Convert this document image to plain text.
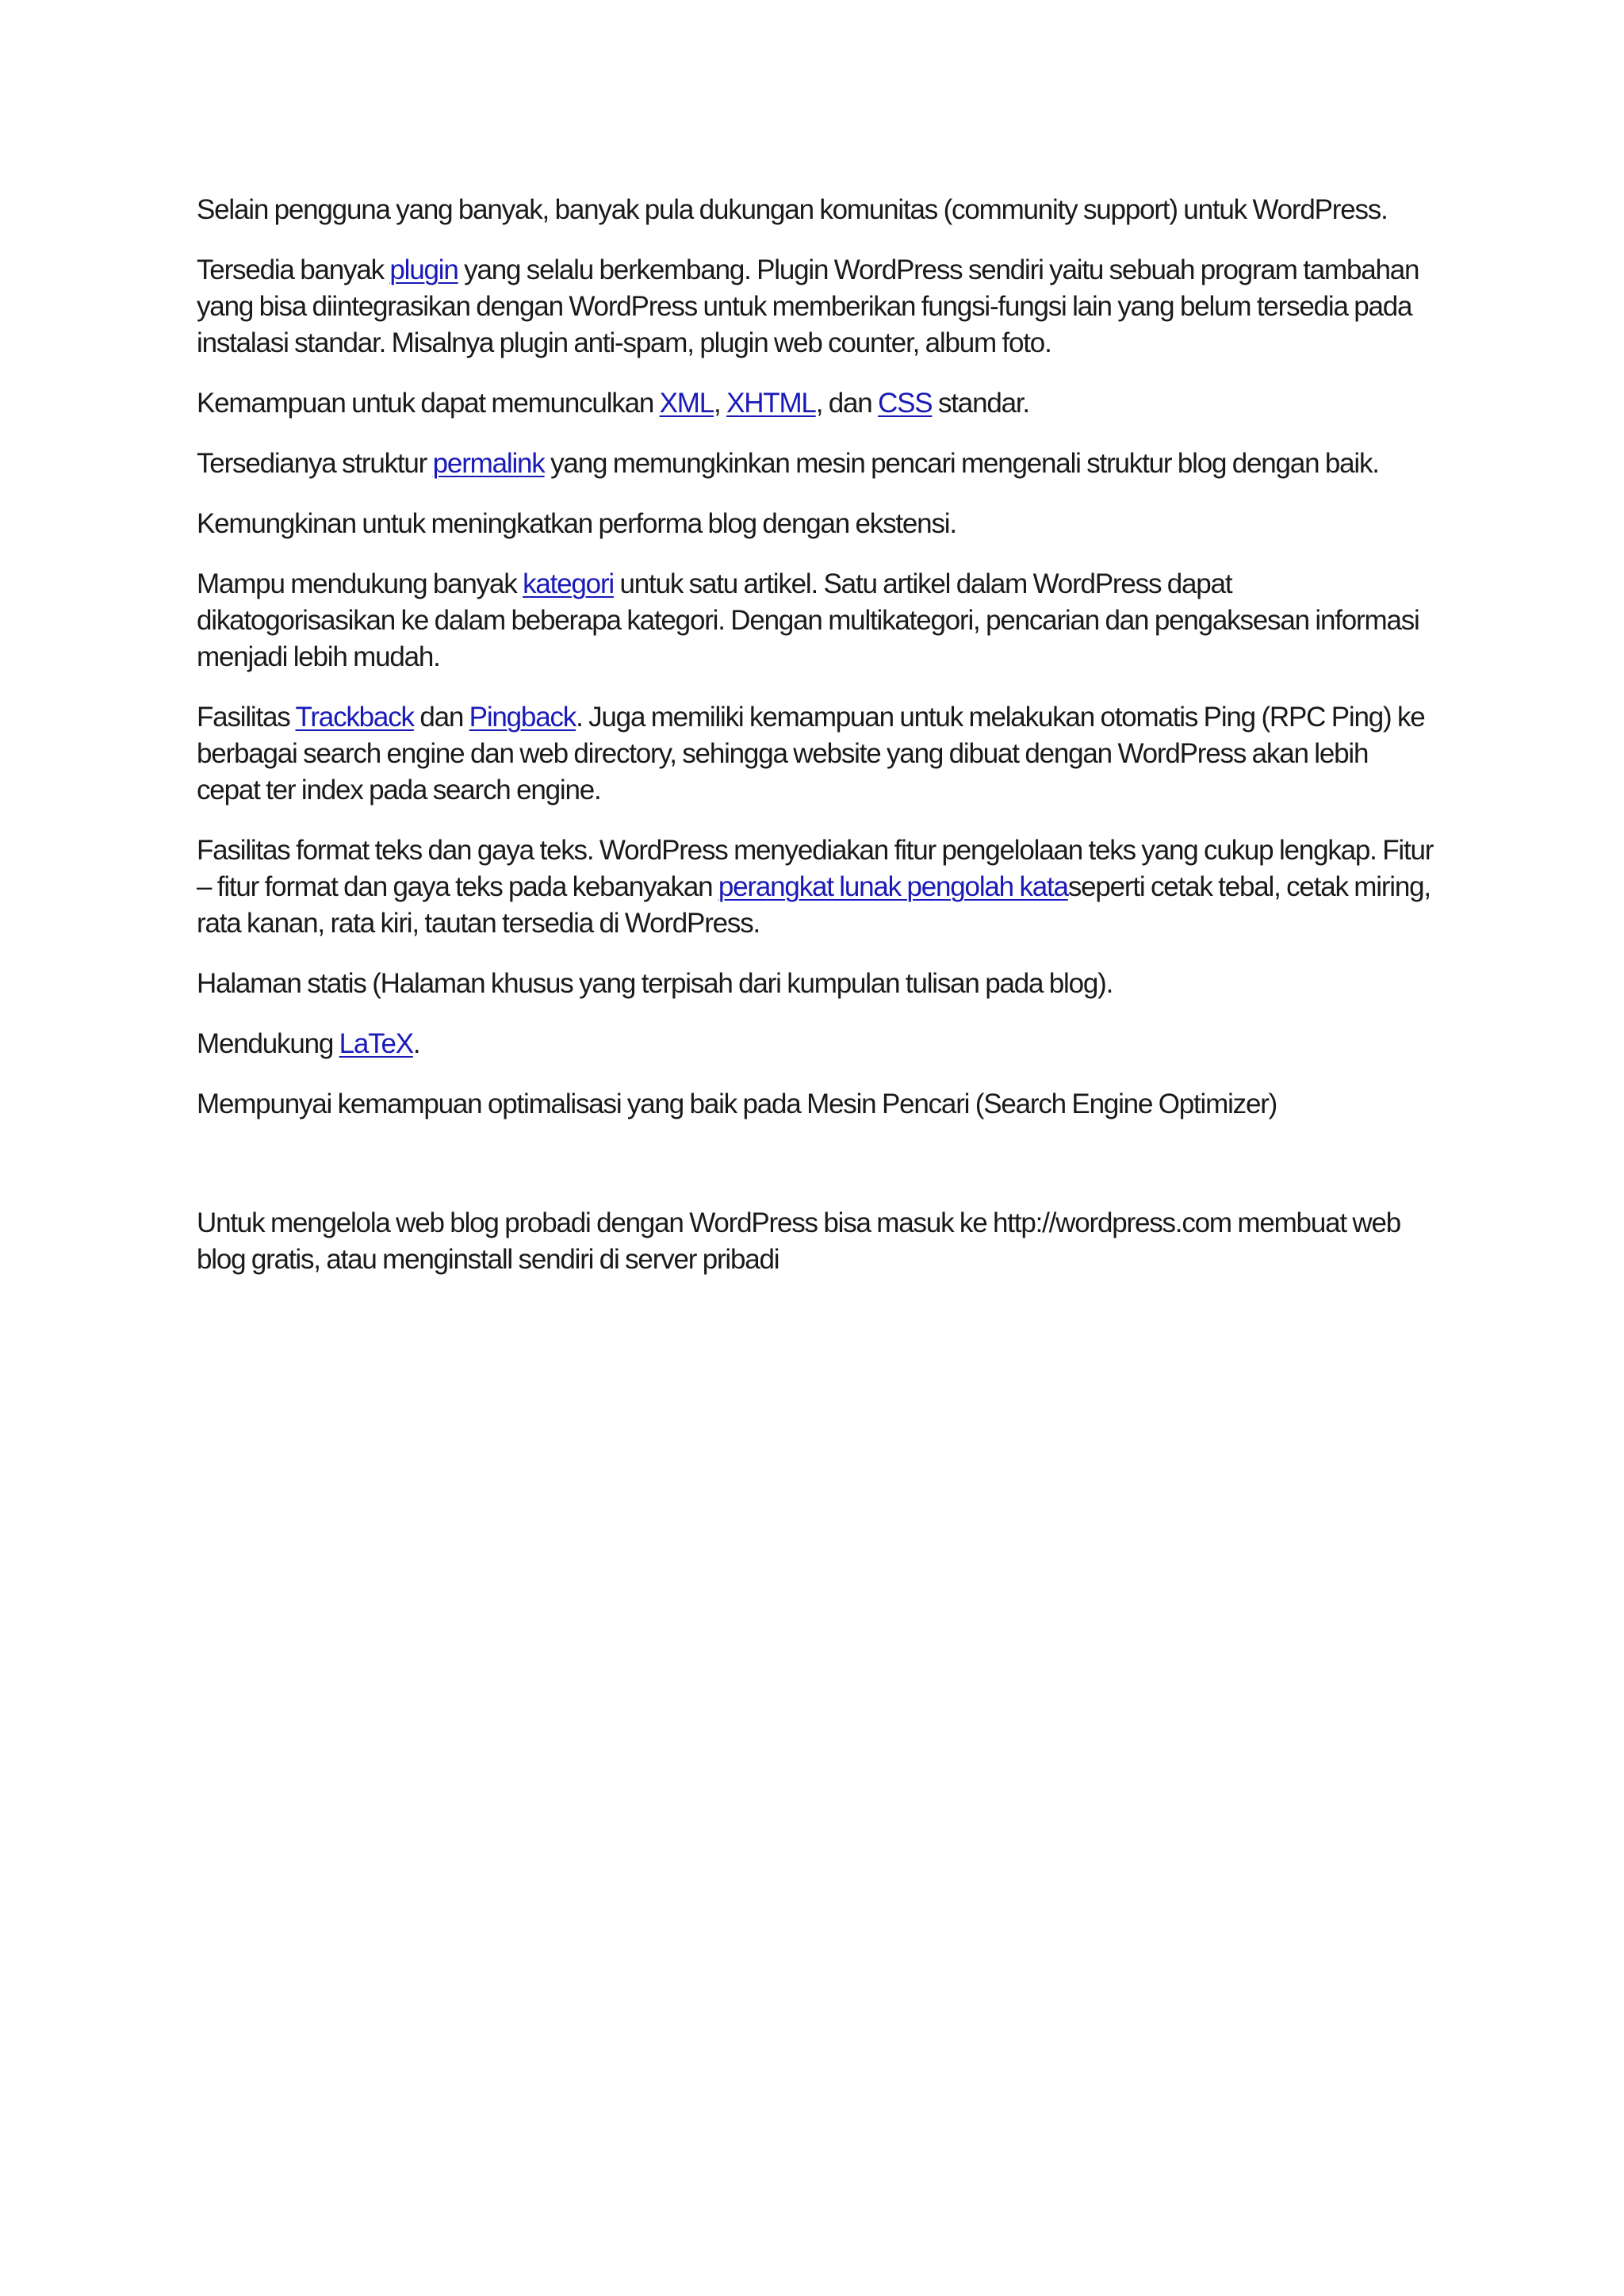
Selain pengguna yang banyak, banyak pula dukungan komunitas (community support) untuk WordPress.

Tersedia banyak plugin yang selalu berkembang. Plugin WordPress sendiri yaitu sebuah program tambahan yang bisa diintegrasikan dengan WordPress untuk memberikan fungsi-fungsi lain yang belum tersedia pada instalasi standar. Misalnya plugin anti-spam, plugin web counter, album foto.

Kemampuan untuk dapat memunculkan XML, XHTML, dan CSS standar.

Tersedianya struktur permalink yang memungkinkan mesin pencari mengenali struktur blog dengan baik.

Kemungkinan untuk meningkatkan performa blog dengan ekstensi.

Mampu mendukung banyak kategori untuk satu artikel. Satu artikel dalam WordPress dapat dikatogorisasikan ke dalam beberapa kategori. Dengan multikategori, pencarian dan pengaksesan informasi menjadi lebih mudah.

Fasilitas Trackback dan Pingback. Juga memiliki kemampuan untuk melakukan otomatis Ping (RPC Ping) ke berbagai search engine dan web directory, sehingga website yang dibuat dengan WordPress akan lebih cepat ter index pada search engine.

Fasilitas format teks dan gaya teks. WordPress menyediakan fitur pengelolaan teks yang cukup lengkap. Fitur – fitur format dan gaya teks pada kebanyakan perangkat lunak pengolah kataseperti cetak tebal, cetak miring, rata kanan, rata kiri, tautan tersedia di WordPress.

Halaman statis (Halaman khusus yang terpisah dari kumpulan tulisan pada blog).

Mendukung LaTeX.

Mempunyai kemampuan optimalisasi yang baik pada Mesin Pencari (Search Engine Optimizer)

Untuk mengelola web blog probadi dengan WordPress bisa masuk ke http://wordpress.com membuat web blog gratis, atau menginstall sendiri di server pribadi
